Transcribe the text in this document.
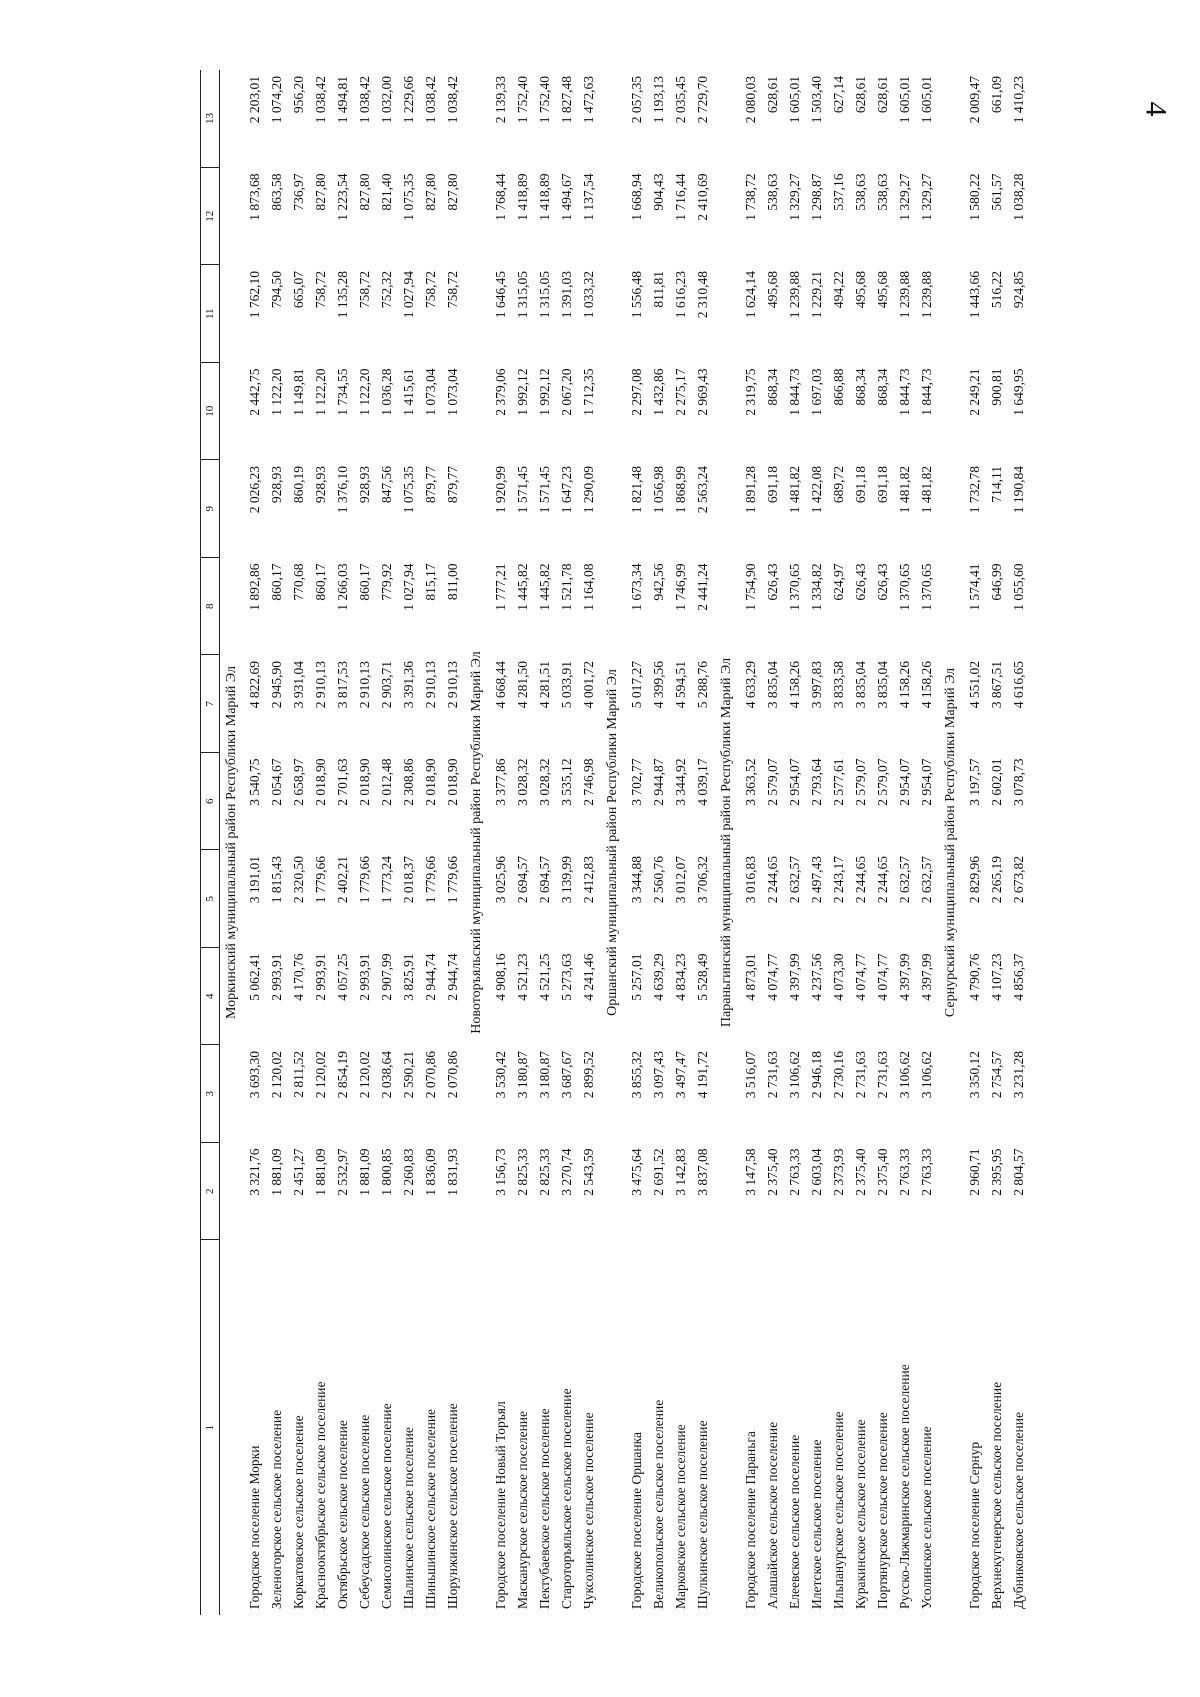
4
1	2	3	4	5	6	7	8	9	10	11	12	13
Моркинский муниципальный район Республики Марий Эл												
Городское поселение Морки	3 321,76	3 693,30	5 062,41	3 191,01	3 540,75	4 822,69	1 892,86	2 026,23	2 442,75	1 762,10	1 873,68	2 203,01
Зеленогорское сельское поселение	1 881,09	2 120,02	2 993,91	1 815,43	2 054,67	2 945,90	860,17	928,93	1 122,20	794,50	863,58	1 074,20
Коркатовское сельское поселение	2 451,27	2 811,52	4 170,76	2 320,50	2 658,97	3 931,04	770,68	860,19	1 149,81	665,07	736,97	956,20
Краснооктябрьское сельское поселение	1 881,09	2 120,02	2 993,91	1 779,66	2 018,90	2 910,13	860,17	928,93	1 122,20	758,72	827,80	1 038,42
Октябрьское сельское поселение	2 532,97	2 854,19	4 057,25	2 402,21	2 701,63	3 817,53	1 266,03	1 376,10	1 734,55	1 135,28	1 223,54	1 494,81
Себеусадское сельское поселение	1 881,09	2 120,02	2 993,91	1 779,66	2 018,90	2 910,13	860,17	928,93	1 122,20	758,72	827,80	1 038,42
Семисолинское сельское поселение	1 800,85	2 038,64	2 907,99	1 773,24	2 012,48	2 903,71	779,92	847,56	1 036,28	752,32	821,40	1 032,00
Шалинское сельское поселение	2 260,83	2 590,21	3 825,91	2 018,37	2 308,86	3 391,36	1 027,94	1 075,35	1 415,61	1 027,94	1 075,35	1 229,66
Шиньшинское сельское поселение	1 836,09	2 070,86	2 944,74	1 779,66	2 018,90	2 910,13	815,17	879,77	1 073,04	758,72	827,80	1 038,42
Шорунжинское сельское поселение	1 831,93	2 070,86	2 944,74	1 779,66	2 018,90	2 910,13	811,00	879,77	1 073,04	758,72	827,80	1 038,42
Новоторъяльский муниципальный район Республики Марий Эл												
Городское поселение Новый Торъял	3 156,73	3 530,42	4 908,16	3 025,96	3 377,86	4 668,44	1 777,21	1 920,99	2 379,06	1 646,45	1 768,44	2 139,33
Масканурское сельское поселение	2 825,33	3 180,87	4 521,23	2 694,57	3 028,32	4 281,50	1 445,82	1 571,45	1 992,12	1 315,05	1 418,89	1 752,40
Пектубаевское сельское поселение	2 825,33	3 180,87	4 521,25	2 694,57	3 028,32	4 281,51	1 445,82	1 571,45	1 992,12	1 315,05	1 418,89	1 752,40
Староторъяльское сельское поселение	3 270,74	3 687,67	5 273,63	3 139,99	3 535,12	5 033,91	1 521,78	1 647,23	2 067,20	1 391,03	1 494,67	1 827,48
Чуксолинское сельское поселение	2 543,59	2 899,52	4 241,46	2 412,83	2 746,98	4 001,72	1 164,08	1 290,09	1 712,35	1 033,32	1 137,54	1 472,63
Оршанский муниципальный район Республики Марий Эл												
Городское поселение Оршанка	3 475,64	3 855,32	5 257,01	3 344,88	3 702,77	5 017,27	1 673,34	1 821,48	2 297,08	1 556,48	1 668,94	2 057,35
Великопольское сельское поселение	2 691,52	3 097,43	4 639,29	2 560,76	2 944,87	4 399,56	942,56	1 056,98	1 432,86	811,81	904,43	1 193,13
Марковское сельское поселение	3 142,83	3 497,47	4 834,23	3 012,07	3 344,92	4 594,51	1 746,99	1 868,99	2 275,17	1 616,23	1 716,44	2 035,45
Шулкинское сельское поселение	3 837,08	4 191,72	5 528,49	3 706,32	4 039,17	5 288,76	2 441,24	2 563,24	2 969,43	2 310,48	2 410,69	2 729,70
Параньгинский муниципальный район Республики Марий Эл												
Городское поселение Параньга	3 147,58	3 516,07	4 873,01	3 016,83	3 363,52	4 633,29	1 754,90	1 891,28	2 319,75	1 624,14	1 738,72	2 080,03
Алашайское сельское поселение	2 375,40	2 731,63	4 074,77	2 244,65	2 579,07	3 835,04	626,43	691,18	868,34	495,68	538,63	628,61
Елеевское сельское поселение	2 763,33	3 106,62	4 397,99	2 632,57	2 954,07	4 158,26	1 370,65	1 481,82	1 844,73	1 239,88	1 329,27	1 605,01
Илетское сельское поселение	2 603,04	2 946,18	4 237,56	2 497,43	2 793,64	3 997,83	1 334,82	1 422,08	1 697,03	1 229,21	1 298,87	1 503,40
Ильпанурское сельское поселение	2 373,93	2 730,16	4 073,30	2 243,17	2 577,61	3 833,58	624,97	689,72	866,88	494,22	537,16	627,14
Куракинское сельское поселение	2 375,40	2 731,63	4 074,77	2 244,65	2 579,07	3 835,04	626,43	691,18	868,34	495,68	538,63	628,61
Портянурское сельское поселение	2 375,40	2 731,63	4 074,77	2 244,65	2 579,07	3 835,04	626,43	691,18	868,34	495,68	538,63	628,61
Русско-Ляжмаринское сельское поселение	2 763,33	3 106,62	4 397,99	2 632,57	2 954,07	4 158,26	1 370,65	1 481,82	1 844,73	1 239,88	1 329,27	1 605,01
Усолинское сельское поселение	2 763,33	3 106,62	4 397,99	2 632,57	2 954,07	4 158,26	1 370,65	1 481,82	1 844,73	1 239,88	1 329,27	1 605,01
Сернурский муниципальный район Республики Марий Эл												
Городское поселение Сернур	2 960,71	3 350,12	4 790,76	2 829,96	3 197,57	4 551,02	1 574,41	1 732,78	2 249,21	1 443,66	1 580,22	2 009,47
Верхнекугенерское сельское поселение	2 395,95	2 754,57	4 107,23	2 265,19	2 602,01	3 867,51	646,99	714,11	900,81	516,22	561,57	661,09
Дубниковское сельское поселение	2 804,57	3 231,28	4 856,37	2 673,82	3 078,73	4 616,65	1 055,60	1 190,84	1 649,95	924,85	1 038,28	1 410,23
